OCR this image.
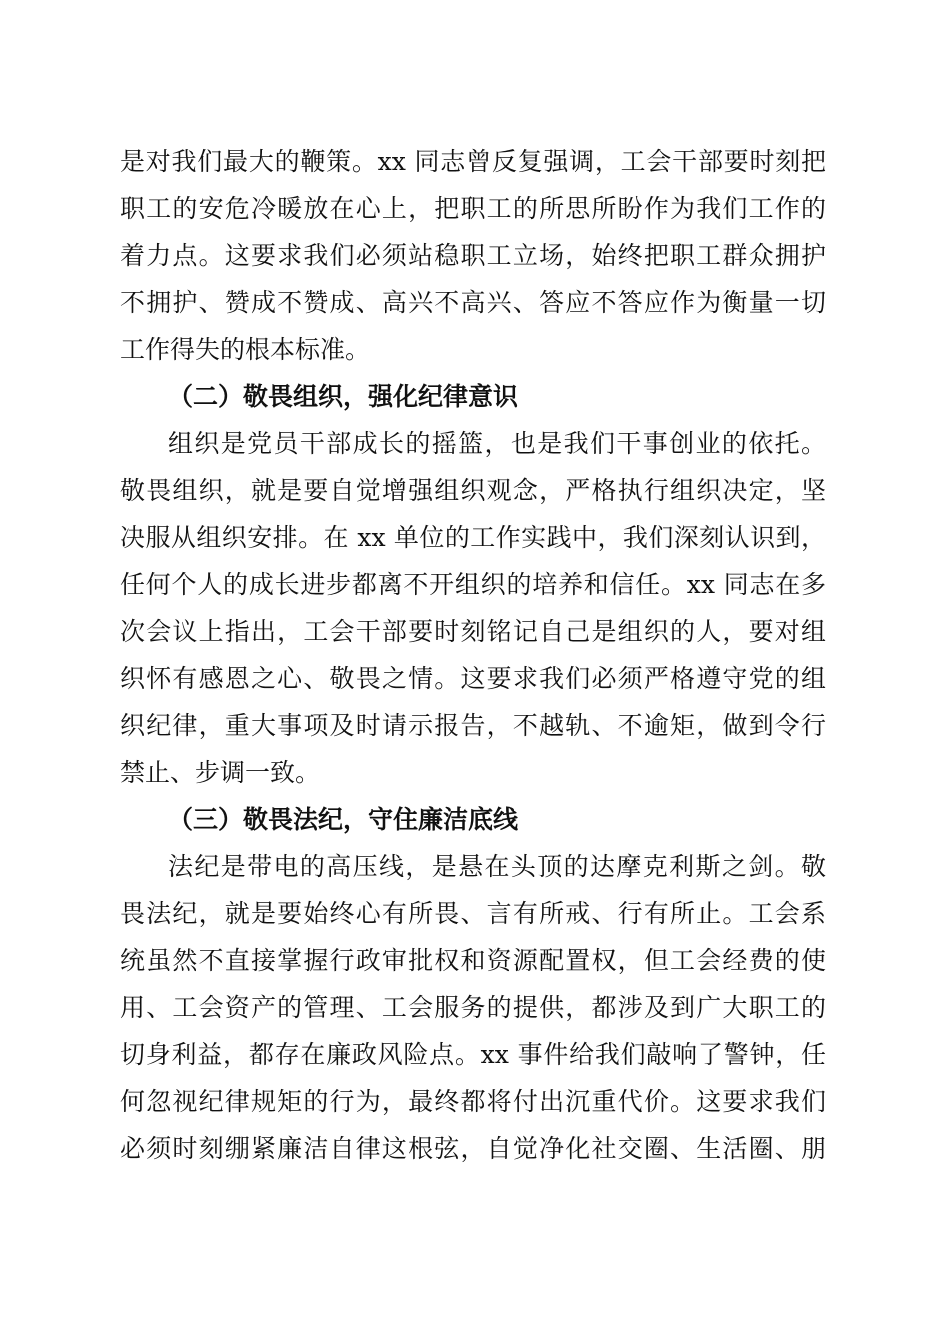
是对我们最大的鞭策。xx 同志曾反复强调，工会干部要时刻把
职工的安危冷暖放在心上，把职工的所思所盼作为我们工作的
着力点。这要求我们必须站稳职工立场，始终把职工群众拥护
不拥护、赞成不赞成、高兴不高兴、答应不答应作为衡量一切
工作得失的根本标准。
（二）敬畏组织，强化纪律意识
组织是党员干部成长的摇篮，也是我们干事创业的依托。
敬畏组织，就是要自觉增强组织观念，严格执行组织决定，坚
决服从组织安排。在 xx 单位的工作实践中，我们深刻认识到，
任何个人的成长进步都离不开组织的培养和信任。xx 同志在多
次会议上指出，工会干部要时刻铭记自己是组织的人，要对组
织怀有感恩之心、敬畏之情。这要求我们必须严格遵守党的组
织纪律，重大事项及时请示报告，不越轨、不逾矩，做到令行
禁止、步调一致。
（三）敬畏法纪，守住廉洁底线
法纪是带电的高压线，是悬在头顶的达摩克利斯之剑。敬
畏法纪，就是要始终心有所畏、言有所戒、行有所止。工会系
统虽然不直接掌握行政审批权和资源配置权，但工会经费的使
用、工会资产的管理、工会服务的提供，都涉及到广大职工的
切身利益，都存在廉政风险点。xx 事件给我们敲响了警钟，任
何忽视纪律规矩的行为，最终都将付出沉重代价。这要求我们
必须时刻绷紧廉洁自律这根弦，自觉净化社交圈、生活圈、朋
